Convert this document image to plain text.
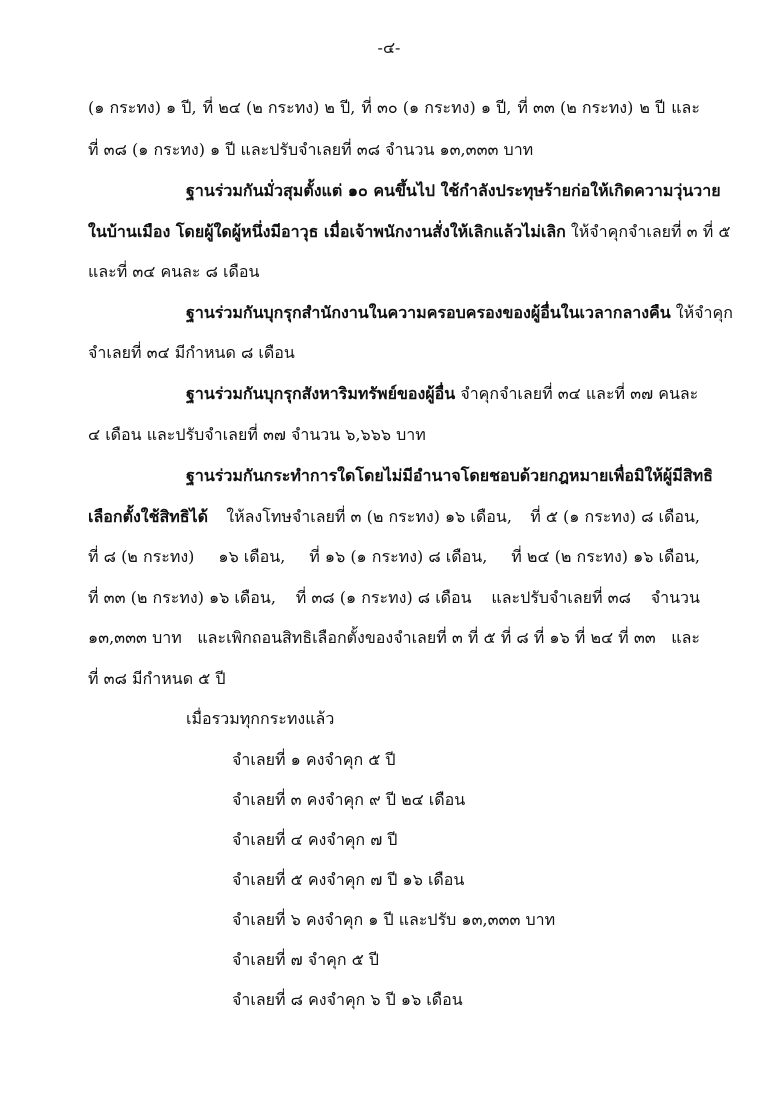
-๔-
(๑ กระทง) ๑ ปี, ที่ ๒๔ (๒ กระทง) ๒ ปี, ที่ ๓๐ (๑ กระทง) ๑ ปี, ที่ ๓๓ (๒ กระทง) ๒ ปี และ
ที่ ๓๘ (๑ กระทง) ๑ ปี และปรับจำเลยที่ ๓๘ จำนวน ๑๓,๓๓๓ บาท
ฐานร่วมกันมั่วสุมตั้งแต่ ๑๐ คนขึ้นไป ใช้กำลังประทุษร้ายก่อให้เกิดความวุ่นวาย
ในบ้านเมือง โดยผู้ใดผู้หนึ่งมีอาวุธ เมื่อเจ้าพนักงานสั่งให้เลิกแล้วไม่เลิก ให้จำคุกจำเลยที่ ๓ ที่ ๕
และที่ ๓๔ คนละ ๘ เดือน
ฐานร่วมกันบุกรุกสำนักงานในความครอบครองของผู้อื่นในเวลากลางคืน ให้จำคุก
จำเลยที่ ๓๔ มีกำหนด ๘ เดือน
ฐานร่วมกันบุกรุกสังหาริมทรัพย์ของผู้อื่น จำคุกจำเลยที่ ๓๔ และที่ ๓๗ คนละ
๔ เดือน และปรับจำเลยที่ ๓๗ จำนวน ๖,๖๖๖ บาท
ฐานร่วมกันกระทำการใดโดยไม่มีอำนาจโดยชอบด้วยกฎหมายเพื่อมิให้ผู้มีสิทธิ
เลือกตั้งใช้สิทธิได้ ให้ลงโทษจำเลยที่ ๓ (๒ กระทง) ๑๖ เดือน, ที่ ๕ (๑ กระทง) ๘ เดือน,
ที่ ๘ (๒ กระทง) ๑๖ เดือน, ที่ ๑๖ (๑ กระทง) ๘ เดือน, ที่ ๒๔ (๒ กระทง) ๑๖ เดือน,
ที่ ๓๓ (๒ กระทง) ๑๖ เดือน, ที่ ๓๘ (๑ กระทง) ๘ เดือน และปรับจำเลยที่ ๓๘ จำนวน
๑๓,๓๓๓ บาท และเพิกถอนสิทธิเลือกตั้งของจำเลยที่ ๓ ที่ ๕ ที่ ๘ ที่ ๑๖ ที่ ๒๔ ที่ ๓๓ และ
ที่ ๓๘ มีกำหนด ๕ ปี
เมื่อรวมทุกกระทงแล้ว
จำเลยที่ ๑ คงจำคุก ๕ ปี
จำเลยที่ ๓ คงจำคุก ๙ ปี ๒๔ เดือน
จำเลยที่ ๔ คงจำคุก ๗ ปี
จำเลยที่ ๕ คงจำคุก ๗ ปี ๑๖ เดือน
จำเลยที่ ๖ คงจำคุก ๑ ปี และปรับ ๑๓,๓๓๓ บาท
จำเลยที่ ๗ จำคุก ๕ ปี
จำเลยที่ ๘ คงจำคุก ๖ ปี ๑๖ เดือน
